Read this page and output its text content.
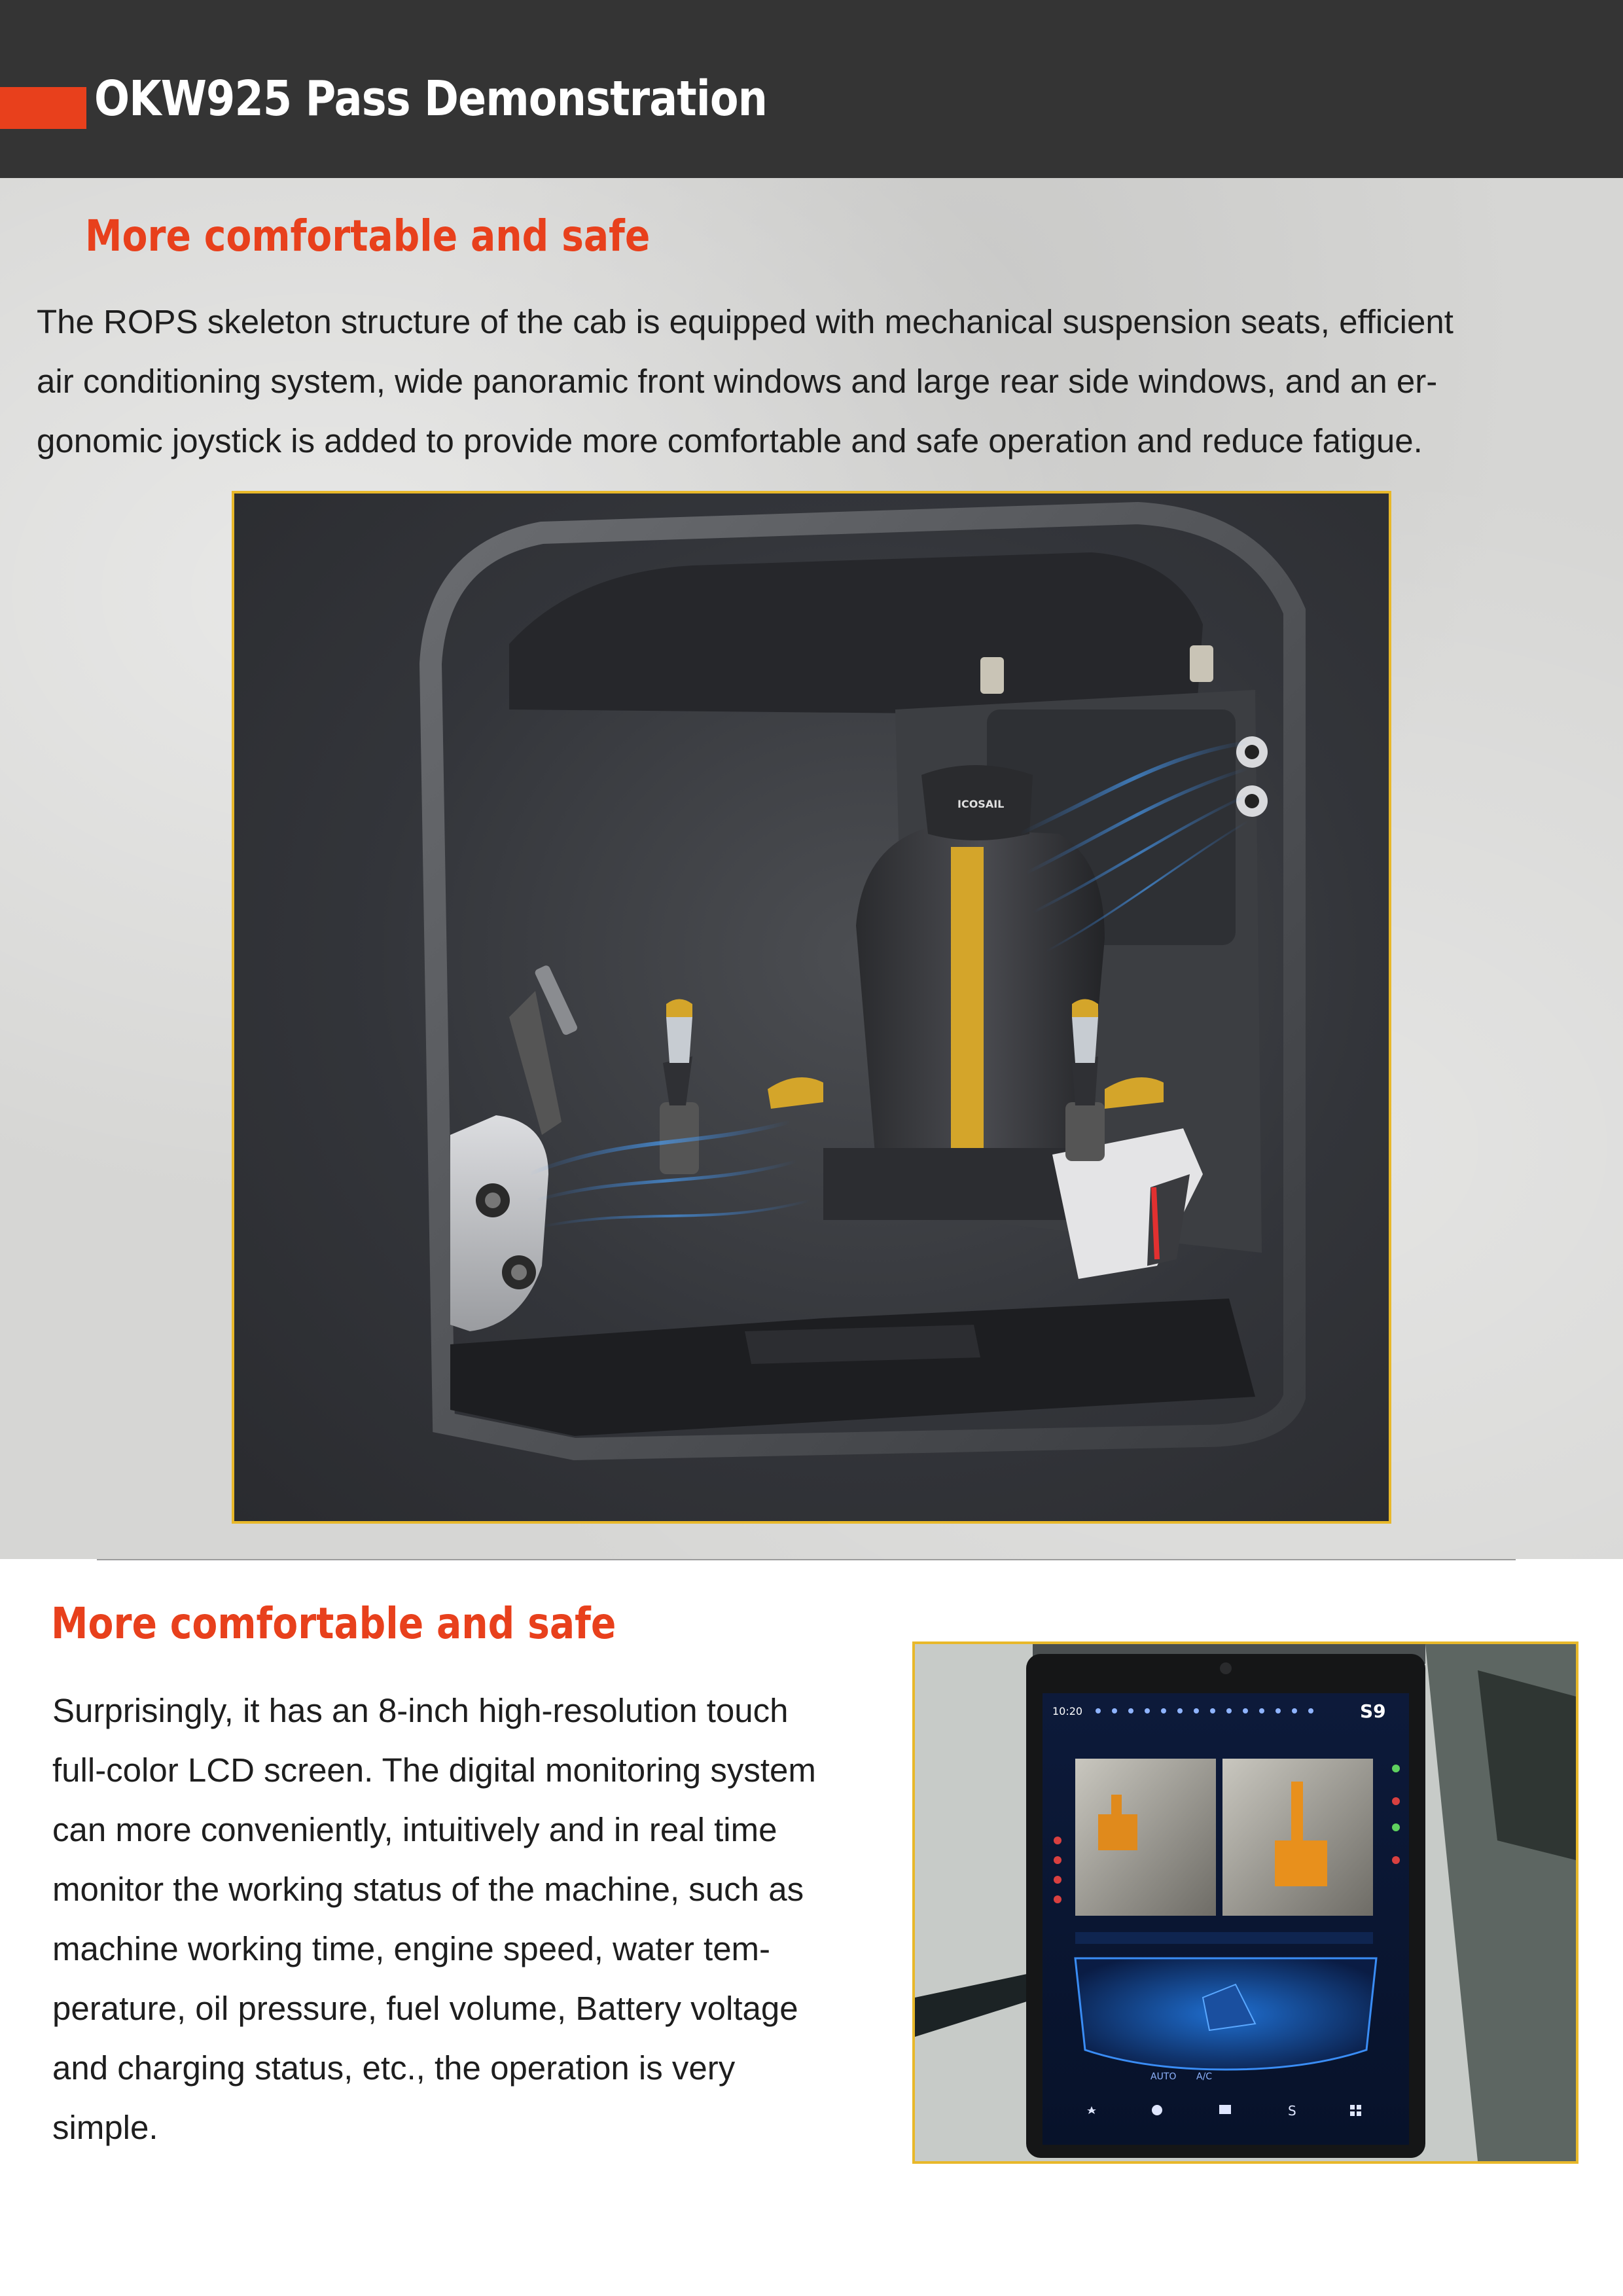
OKW925 Pass Demonstration
More comfortable and safe
The ROPS skeleton structure of the cab is equipped with mechanical suspension seats, efficient
air conditioning system, wide panoramic front windows and large rear side windows, and an er-
gonomic joystick is added to provide more comfortable and safe operation and reduce fatigue.
ICOSAIL
More comfortable and safe
Surprisingly, it has an 8-inch high-resolution touch
full-color LCD screen. The digital monitoring system
can more conveniently, intuitively and in real time
monitor the working status of the machine, such as
machine working time, engine speed, water tem-
perature, oil pressure, fuel volume, Battery voltage
and charging status, etc., the operation is very
simple.
10:20	S9
AUTO A/C
S
